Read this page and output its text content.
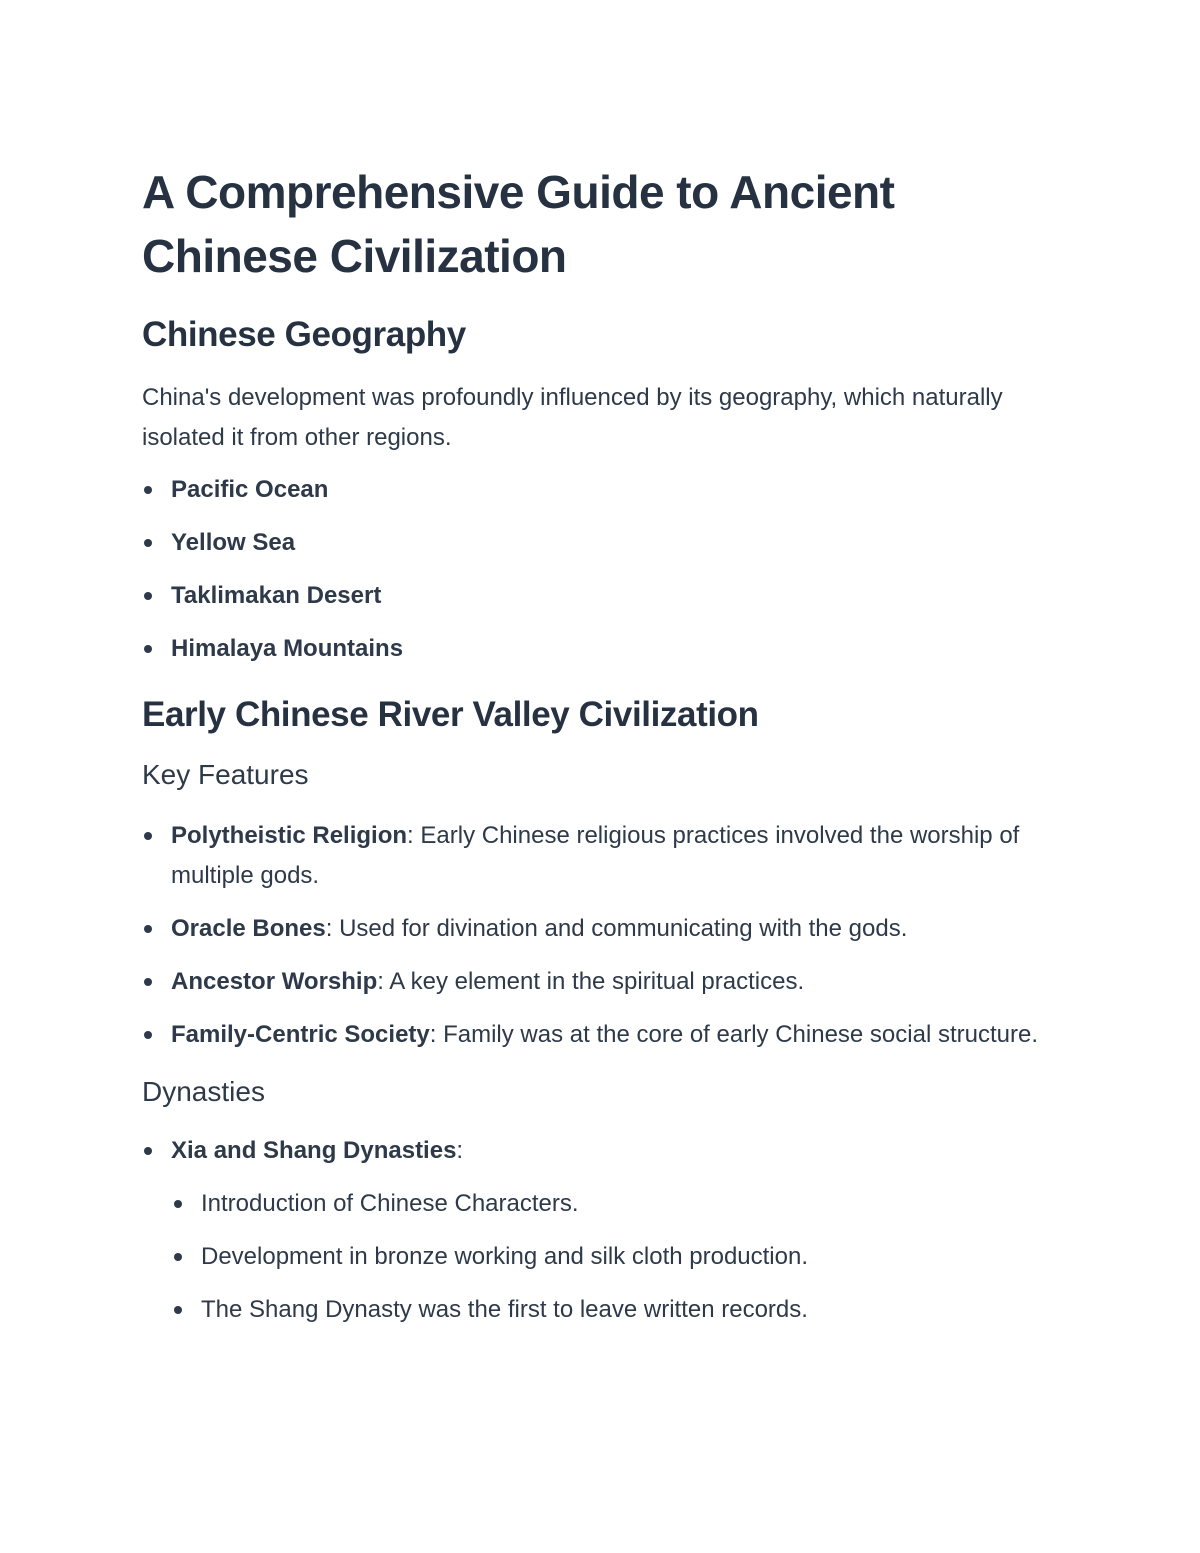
A Comprehensive Guide to Ancient Chinese Civilization
Chinese Geography

China's development was profoundly influenced by its geography, which naturally isolated it from other regions.

Pacific Ocean
Yellow Sea
Taklimakan Desert
Himalaya Mountains
Early Chinese River Valley Civilization
Key Features
Polytheistic Religion: Early Chinese religious practices involved the worship of multiple gods.
Oracle Bones: Used for divination and communicating with the gods.
Ancestor Worship: A key element in the spiritual practices.
Family-Centric Society: Family was at the core of early Chinese social structure.
Dynasties
Xia and Shang Dynasties:
Introduction of Chinese Characters.
Development in bronze working and silk cloth production.
The Shang Dynasty was the first to leave written records.
